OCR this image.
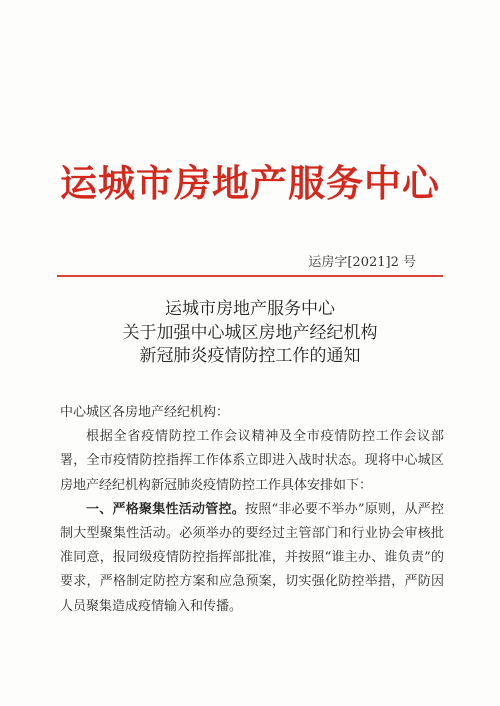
运城市房地产服务中心
运房字[2021]2 号
运城市房地产服务中心
关于加强中心城区房地产经纪机构
新冠肺炎疫情防控工作的通知

中心城区各房地产经纪机构：

根据全省疫情防控工作会议精神及全市疫情防控工作会议部署，全市疫情防控指挥工作体系立即进入战时状态。现将中心城区房地产经纪机构新冠肺炎疫情防控工作具体安排如下：

一、严格聚集性活动管控。按照“非必要不举办”原则，从严控制大型聚集性活动。必须举办的要经过主管部门和行业协会审核批准同意，报同级疫情防控指挥部批准，并按照“谁主办、谁负责”的要求，严格制定防控方案和应急预案，切实强化防控举措，严防因人员聚集造成疫情输入和传播。
